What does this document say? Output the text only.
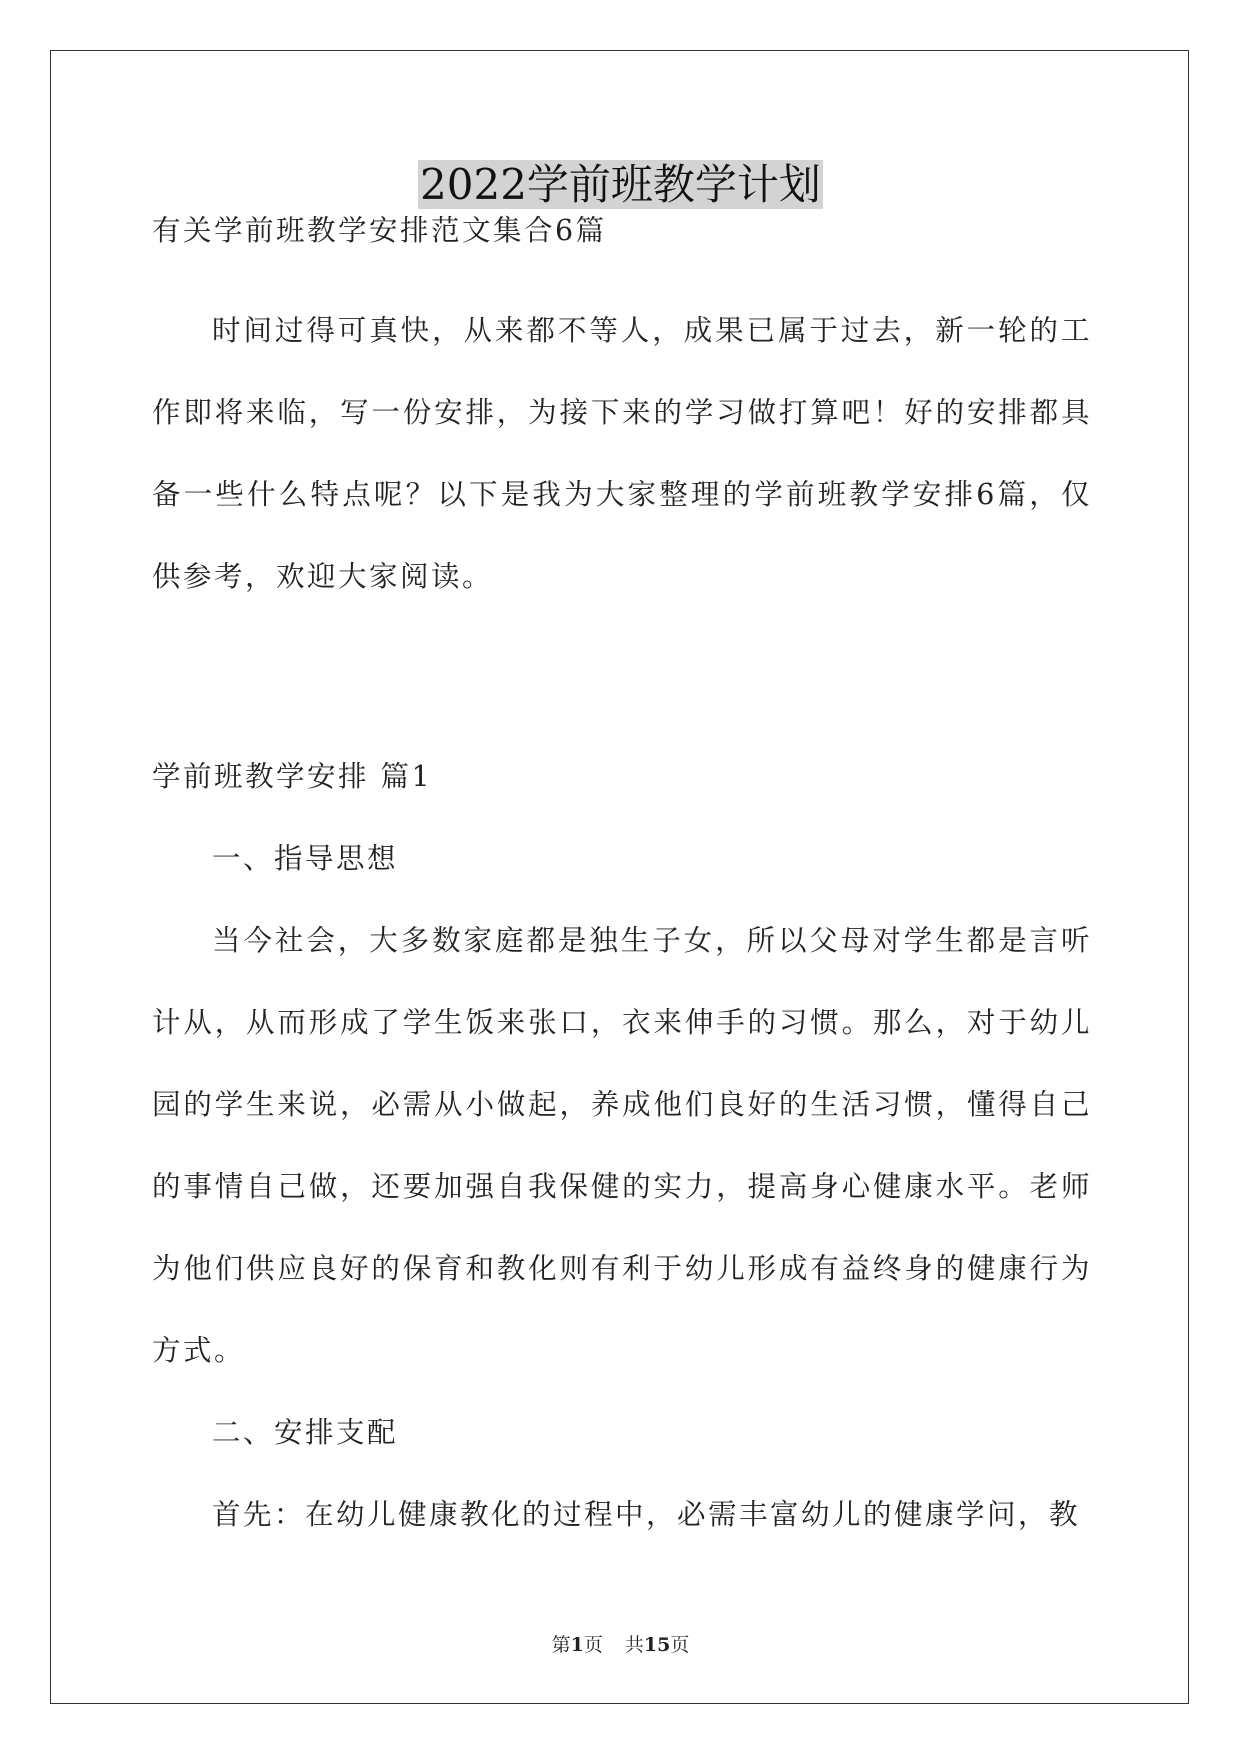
2022学前班教学计划

有关学前班教学安排范文集合6篇

时间过得可真快，从来都不等人，成果已属于过去，新一轮的工作即将来临，写一份安排，为接下来的学习做打算吧！好的安排都具备一些什么特点呢？以下是我为大家整理的学前班教学安排6篇，仅供参考，欢迎大家阅读。

学前班教学安排 篇1

一、指导思想

当今社会，大多数家庭都是独生子女，所以父母对学生都是言听计从，从而形成了学生饭来张口，衣来伸手的习惯。那么，对于幼儿园的学生来说，必需从小做起，养成他们良好的生活习惯，懂得自己的事情自己做，还要加强自我保健的实力，提高身心健康水平。老师为他们供应良好的保育和教化则有利于幼儿形成有益终身的健康行为方式。

二、安排支配

首先：在幼儿健康教化的过程中，必需丰富幼儿的健康学问，教

第1页 共15页
